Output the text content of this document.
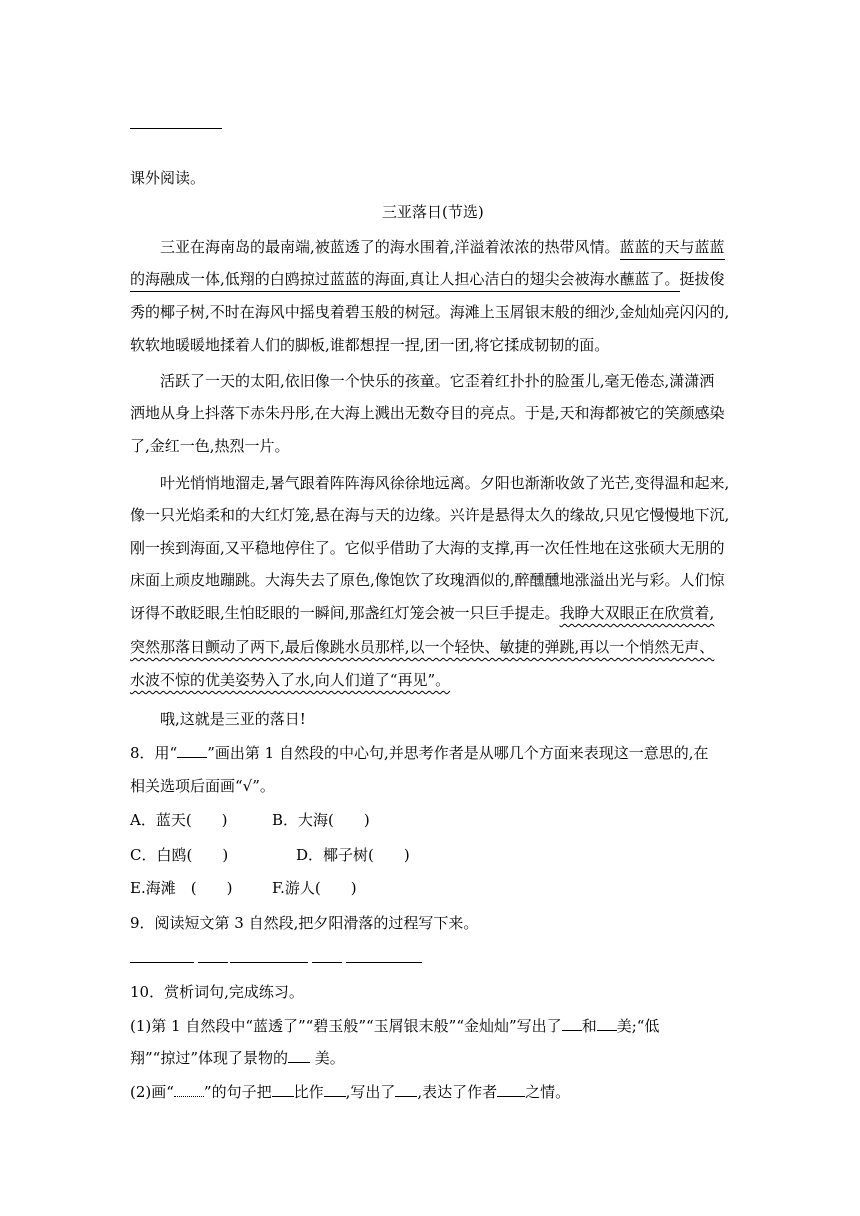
课外阅读。
三亚落日(节选)
三亚在海南岛的最南端,被蓝透了的海水围着,洋溢着浓浓的热带风情。蓝蓝的天与蓝蓝
的海融成一体,低翔的白鸥掠过蓝蓝的海面,真让人担心洁白的翅尖会被海水蘸蓝了。挺拔俊
秀的椰子树,不时在海风中摇曳着碧玉般的树冠。海滩上玉屑银末般的细沙,金灿灿亮闪闪的,
软软地暖暖地揉着人们的脚板,谁都想捏一捏,团一团,将它揉成韧韧的面。
活跃了一天的太阳,依旧像一个快乐的孩童。它歪着红扑扑的脸蛋儿,毫无倦态,潇潇洒
洒地从身上抖落下赤朱丹彤,在大海上溅出无数夺目的亮点。于是,天和海都被它的笑颜感染
了,金红一色,热烈一片。
叶光悄悄地溜走,暑气跟着阵阵海风徐徐地远离。夕阳也渐渐收敛了光芒,变得温和起来,
像一只光焰柔和的大红灯笼,悬在海与天的边缘。兴许是悬得太久的缘故,只见它慢慢地下沉,
刚一挨到海面,又平稳地停住了。它似乎借助了大海的支撑,再一次任性地在这张硕大无朋的
床面上顽皮地蹦跳。大海失去了原色,像饱饮了玫瑰酒似的,醉醺醺地涨溢出光与彩。人们惊
讶得不敢眨眼,生怕眨眼的一瞬间,那盏红灯笼会被一只巨手提走。我睁大双眼正在欣赏着,
突然那落日颤动了两下,最后像跳水员那样,以一个轻快、敏捷的弹跳,再以一个悄然无声、
水波不惊的优美姿势入了水,向人们道了“再见”。
哦,这就是三亚的落日!
8．用“ ”画出第 1 自然段的中心句,并思考作者是从哪几个方面来表现这一意思的,在
相关选项后面画“√”。
A．蓝天(　　)	B．大海(　　)
C．白鸥(　　)	D．椰子树(　　)
E.海滩　(　　)	F.游人(　　)
9．阅读短文第 3 自然段,把夕阳滑落的过程写下来。
10．赏析词句,完成练习。
(1)第 1 自然段中“蓝透了”“碧玉般”“玉屑银末般”“金灿灿”写出了 和 美;“低
翔”“掠过”体现了景物的 美。
(2)画“ ”的句子把 比作 ,写出了 ,表达了作者 之情。
